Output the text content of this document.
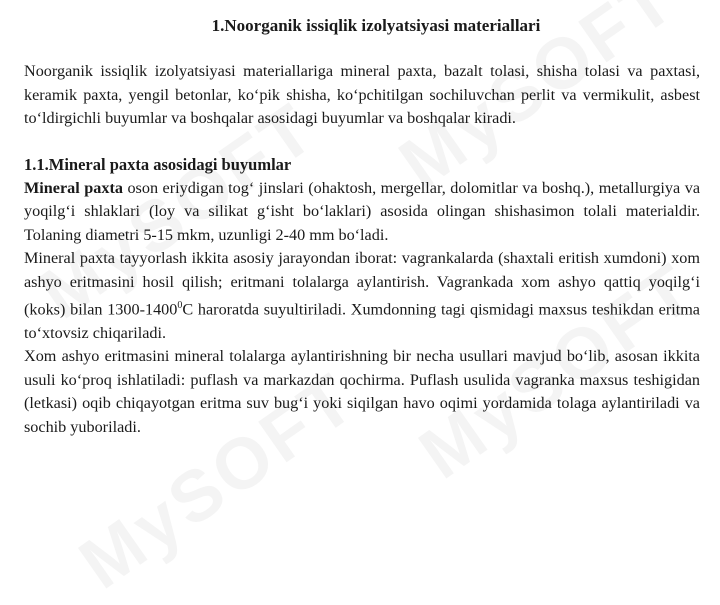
1.Noorganik issiqlik izolyatsiyasi materiallari

Noorganik issiqlik izolyatsiyasi materiallariga mineral paxta, bazalt tolasi, shisha tolasi va paxtasi, keramik paxta, yengil betonlar, ko‘pik shisha, ko‘pchitilgan sochiluvchan perlit va vermikulit, asbest to‘ldirgichli buyumlar va boshqalar asosidagi buyumlar va boshqalar kiradi.

1.1.Mineral paxta asosidagi buyumlar

Mineral paxta oson eriydigan tog‘ jinslari (ohaktosh, mergellar, dolomitlar va boshq.), metallurgiya va yoqilg‘i shlaklari (loy va silikat g‘isht bo‘laklari) asosida olingan shishasimon tolali materialdir. Tolaning diametri 5-15 mkm, uzunligi 2-40 mm bo‘ladi.

Mineral paxta tayyorlash ikkita asosiy jarayondan iborat: vagrankalarda (shaxtali eritish xumdoni) xom ashyo eritmasini hosil qilish; eritmani tolalarga aylantirish. Vagrankada xom ashyo qattiq yoqilg‘i (koks) bilan 1300-1400$^0$C haroratda suyultiriladi. Xumdonning tagi qismidagi maxsus teshikdan eritma to‘xtovsiz chiqariladi.

Xom ashyo eritmasini mineral tolalarga aylantirishning bir necha usullari mavjud bo‘lib, asosan ikkita usuli ko‘proq ishlatiladi: puflash va markazdan qochirma. Puflash usulida vagranka maxsus teshigidan (letkasi) oqib chiqayotgan eritma suv bug‘i yoki siqilgan havo oqimi yordamida tolaga aylantiriladi va sochib yuboriladi.
